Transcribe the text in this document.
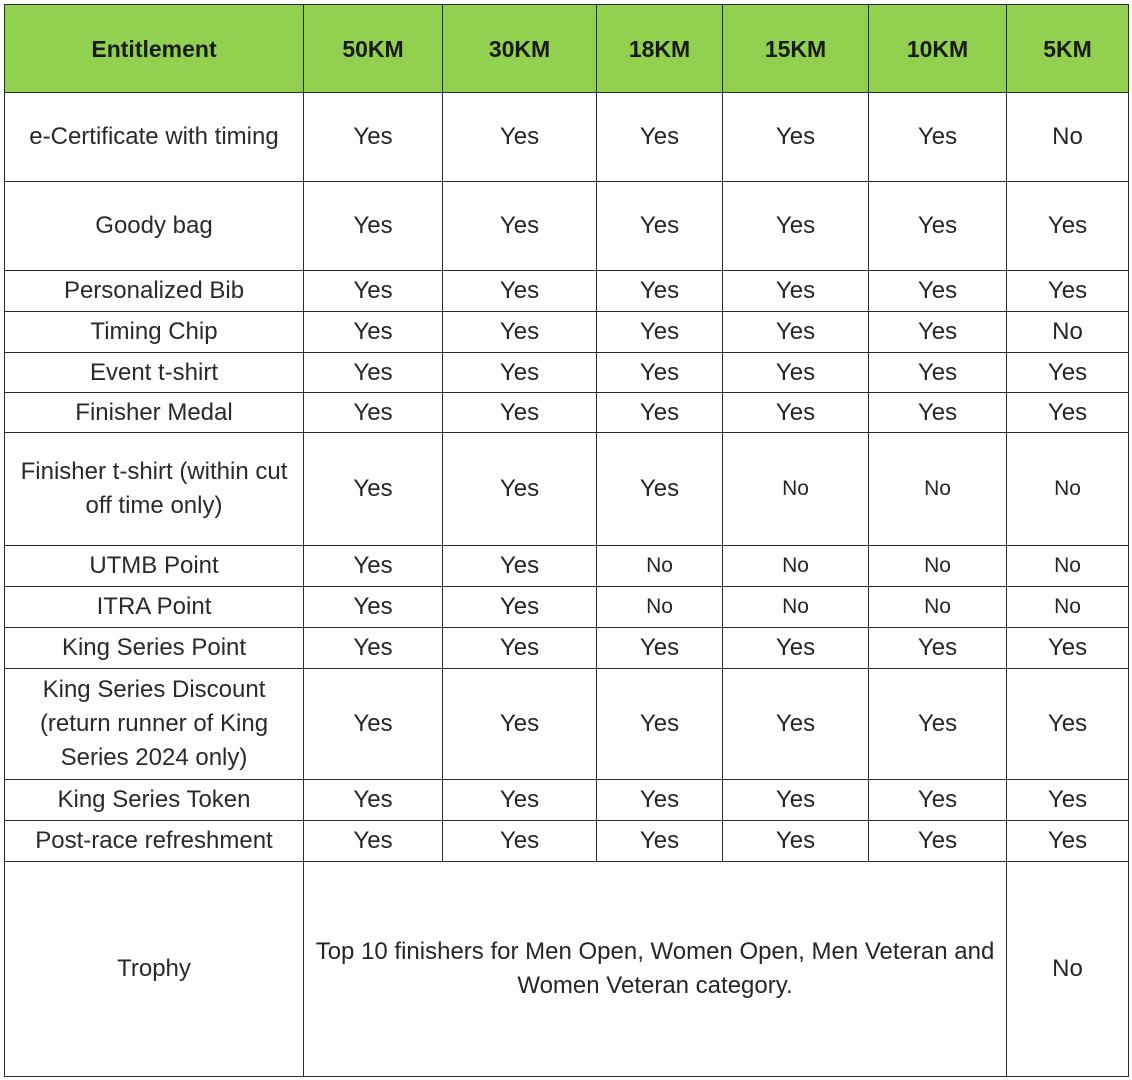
Entitlement	50KM	30KM	18KM	15KM	10KM	5KM
e-Certificate with timing	Yes	Yes	Yes	Yes	Yes	No
Goody bag	Yes	Yes	Yes	Yes	Yes	Yes
Personalized Bib	Yes	Yes	Yes	Yes	Yes	Yes
Timing Chip	Yes	Yes	Yes	Yes	Yes	No
Event t-shirt	Yes	Yes	Yes	Yes	Yes	Yes
Finisher Medal	Yes	Yes	Yes	Yes	Yes	Yes
Finisher t-shirt (within cut off time only)	Yes	Yes	Yes	No	No	No
UTMB Point	Yes	Yes	No	No	No	No
ITRA Point	Yes	Yes	No	No	No	No
King Series Point	Yes	Yes	Yes	Yes	Yes	Yes
King Series Discount (return runner of King Series 2024 only)	Yes	Yes	Yes	Yes	Yes	Yes
King Series Token	Yes	Yes	Yes	Yes	Yes	Yes
Post-race refreshment	Yes	Yes	Yes	Yes	Yes	Yes
Trophy	Top 10 finishers for Men Open, Women Open, Men Veteran and Women Veteran category.					No
